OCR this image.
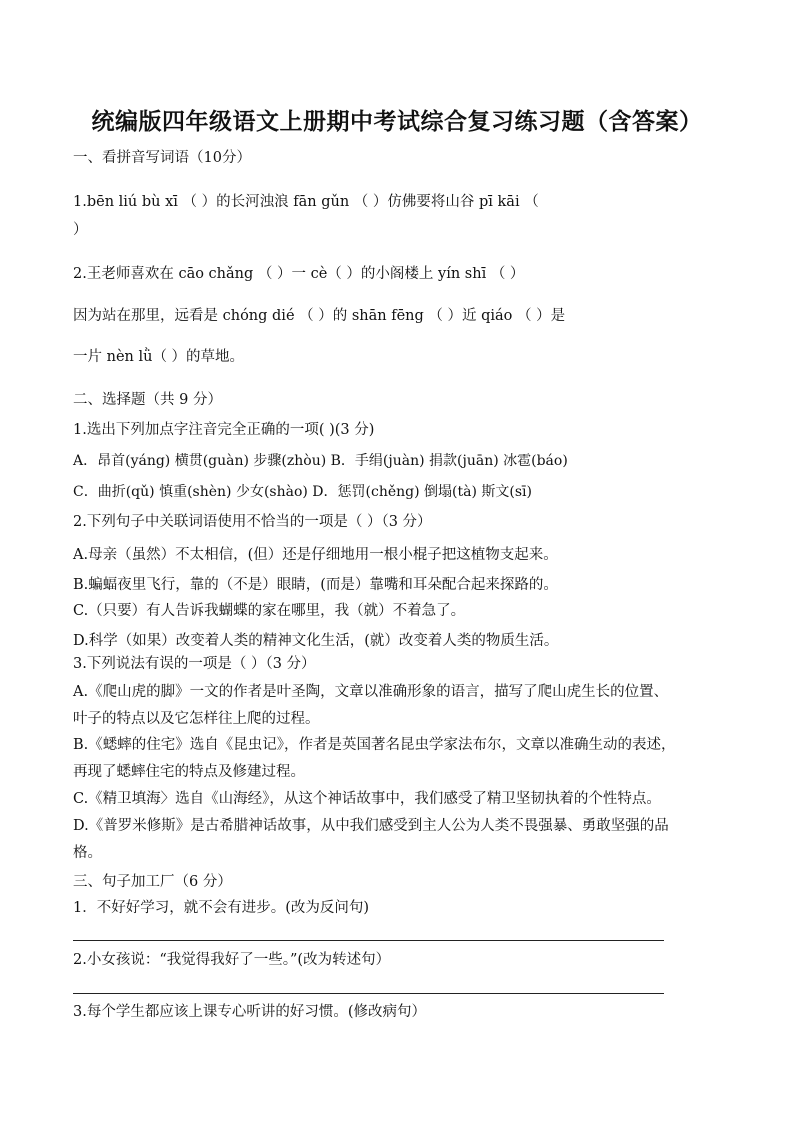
统编版四年级语文上册期中考试综合复习练习题（含答案）
一、看拼音写词语（10分）
1.bēn liú bù xī （ ）的长河浊浪 fān gǔn （ ）仿佛要将山谷 pī kāi （
）
2.王老师喜欢在 cāo chǎng （ ）一 cè（ ）的小阁楼上 yín shī （ ）
因为站在那里，远看是 chóng dié （ ）的 shān fēng （ ）近 qiáo （ ）是
一片 nèn lǜ（ ）的草地。
二、选择题（共 9 分）
1.选出下列加点字注音完全正确的一项( )(3 分)
A．昂首(yáng) 横贯(guàn) 步骤(zhòu) B．手绢(juàn) 捐款(juān) 冰雹(báo)
C．曲折(qǔ) 慎重(shèn) 少女(shào) D．惩罚(chěng) 倒塌(tà) 斯文(sī)
2.下列句子中关联词语使用不恰当的一项是（ ）（3 分）
A.母亲（虽然）不太相信，(但）还是仔细地用一根小棍子把这植物支起来。
B.蝙蝠夜里飞行，靠的（不是）眼睛，(而是）靠嘴和耳朵配合起来探路的。
C.（只要）有人告诉我蝴蝶的家在哪里，我（就）不着急了。
D.科学（如果）改变着人类的精神文化生活，(就）改变着人类的物质生活。
3.下列说法有误的一项是（ ）（3 分）
A.《爬山虎的脚》一文的作者是叶圣陶，文章以准确形象的语言，描写了爬山虎生长的位置、
叶子的特点以及它怎样往上爬的过程。
B.《蟋蟀的住宅》选自《昆虫记》，作者是英国著名昆虫学家法布尔，文章以准确生动的表述，
再现了蟋蟀住宅的特点及修建过程。
C.《精卫填海〉选自《山海经》，从这个神话故事中，我们感受了精卫坚韧执着的个性特点。
D.《普罗米修斯》是古希腊神话故事，从中我们感受到主人公为人类不畏强暴、勇敢坚强的品
格。
三、句子加工厂（6 分）
1．不好好学习，就不会有进步。(改为反问句)
2.小女孩说：“我觉得我好了一些。”(改为转述句）
3.每个学生都应该上课专心听讲的好习惯。(修改病句）
